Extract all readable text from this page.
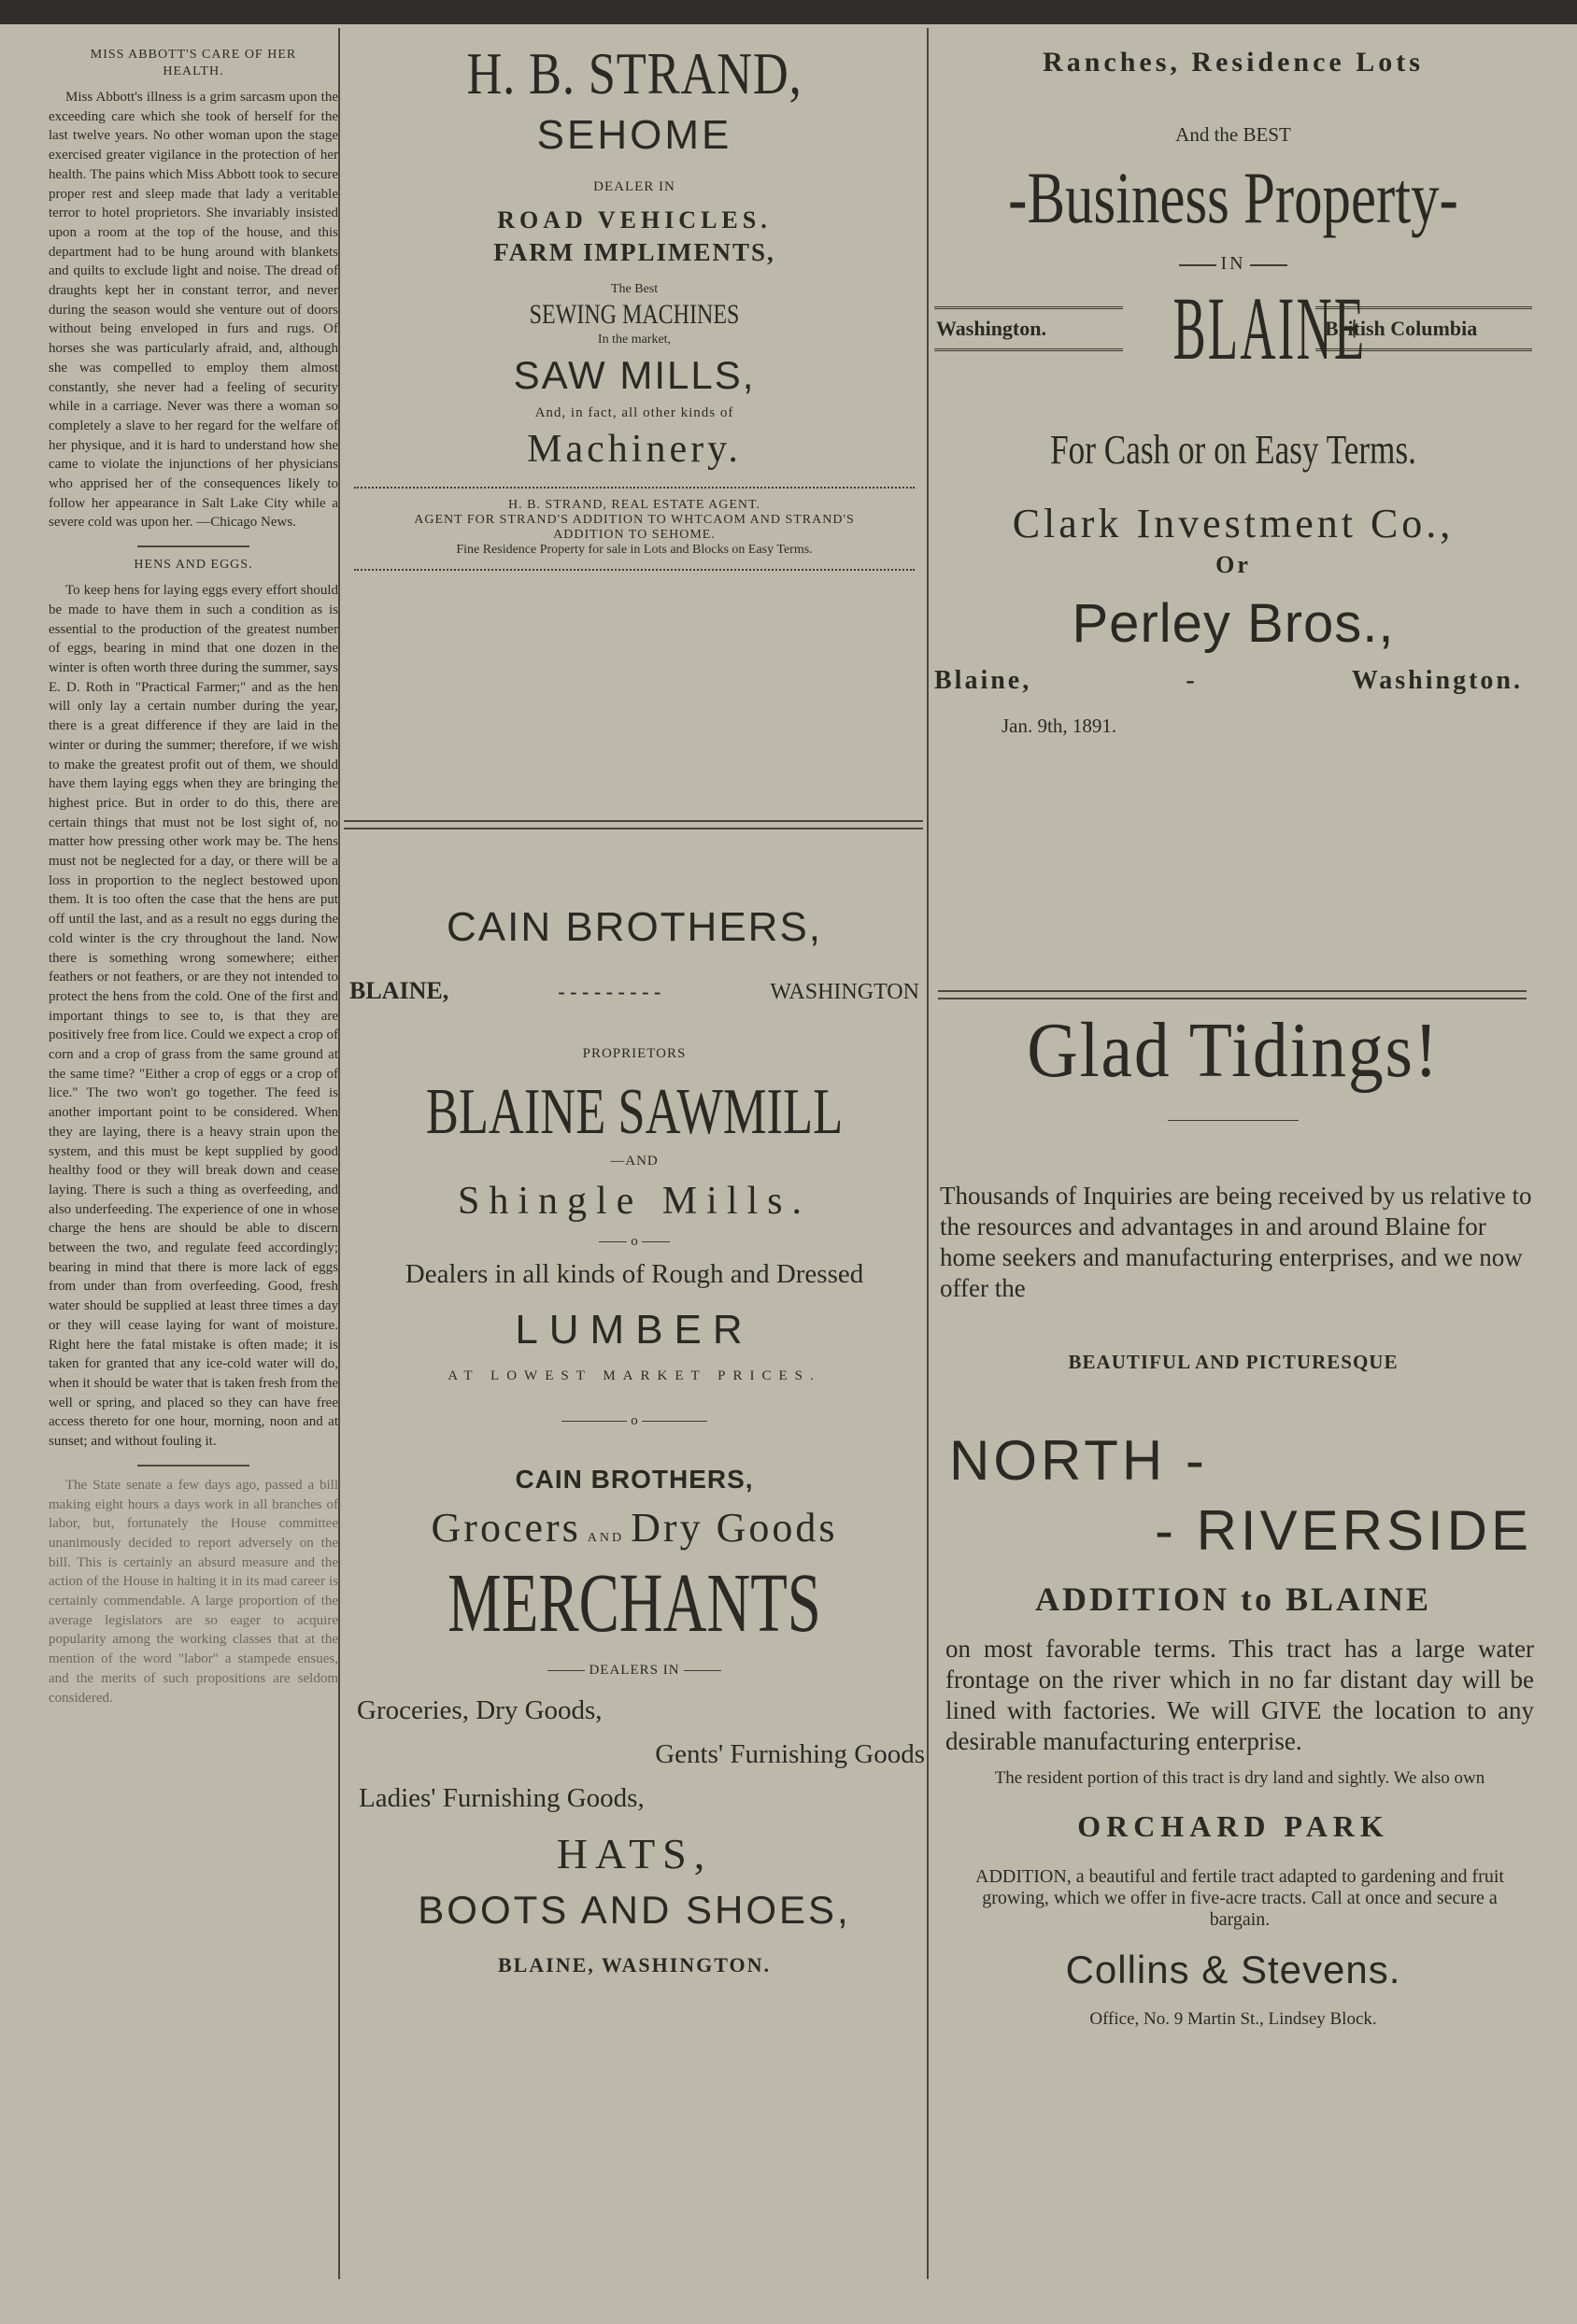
MISS ABBOTT'S CARE OF HER
HEALTH.

Miss Abbott's illness is a grim sarcasm upon the exceeding care which she took of herself for the last twelve years. No other woman upon the stage exercised greater vigilance in the protection of her health. The pains which Miss Abbott took to secure proper rest and sleep made that lady a veritable terror to hotel proprietors. She invariably insisted upon a room at the top of the house, and this department had to be hung around with blankets and quilts to exclude light and noise. The dread of draughts kept her in constant terror, and never during the season would she venture out of doors without being enveloped in furs and rugs. Of horses she was particularly afraid, and, although she was compelled to employ them almost constantly, she never had a feeling of security while in a carriage. Never was there a woman so completely a slave to her regard for the welfare of her physique, and it is hard to understand how she came to violate the injunctions of her physicians who apprised her of the consequences likely to follow her appearance in Salt Lake City while a severe cold was upon her. —Chicago News.

HENS AND EGGS.

To keep hens for laying eggs every effort should be made to have them in such a condition as is essential to the production of the greatest number of eggs, bearing in mind that one dozen in the winter is often worth three during the summer, says E. D. Roth in "Practical Farmer;" and as the hen will only lay a certain number during the year, there is a great difference if they are laid in the winter or during the summer; therefore, if we wish to make the greatest profit out of them, we should have them laying eggs when they are bringing the highest price. But in order to do this, there are certain things that must not be lost sight of, no matter how pressing other work may be. The hens must not be neglected for a day, or there will be a loss in proportion to the neglect bestowed upon them. It is too often the case that the hens are put off until the last, and as a result no eggs during the cold winter is the cry throughout the land. Now there is something wrong somewhere; either feathers or not feathers, or are they not intended to protect the hens from the cold. One of the first and important things to see to, is that they are positively free from lice. Could we expect a crop of corn and a crop of grass from the same ground at the same time? "Either a crop of eggs or a crop of lice." The two won't go together. The feed is another important point to be considered. When they are laying, there is a heavy strain upon the system, and this must be kept supplied by good healthy food or they will break down and cease laying. There is such a thing as overfeeding, and also underfeeding. The experience of one in whose charge the hens are should be able to discern between the two, and regulate feed accordingly; bearing in mind that there is more lack of eggs from under than from overfeeding. Good, fresh water should be supplied at least three times a day or they will cease laying for want of moisture. Right here the fatal mistake is often made; it is taken for granted that any ice-cold water will do, when it should be water that is taken fresh from the well or spring, and placed so they can have free access thereto for one hour, morning, noon and at sunset; and without fouling it.

The State senate a few days ago, passed a bill making eight hours a days work in all branches of labor, but, fortunately the House committee unanimously decided to report adversely on the bill. This is certainly an absurd measure and the action of the House in halting it in its mad career is certainly commendable. A large proportion of the average legislators are so eager to acquire popularity among the working classes that at the mention of the word "labor" a stampede ensues, and the merits of such propositions are seldom considered.

H. B. STRAND,
SEHOME
DEALER IN
ROAD VEHICLES.
FARM IMPLIMENTS,
The Best
SEWING MACHINES
In the market,
SAW MILLS,
And, in fact, all other kinds of
Machinery.
H. B. STRAND, REAL ESTATE AGENT.
AGENT FOR STRAND'S ADDITION TO WHTCAOM AND STRAND'S
ADDITION TO SEHOME.
Fine Residence Property for sale in Lots and Blocks on Easy Terms.
CAIN BROTHERS,
BLAINE,	- - - - - - - - -	WASHINGTON
PROPRIETORS
BLAINE SAWMILL
—AND
Shingle Mills.
o
Dealers in all kinds of Rough and Dressed
LUMBER
AT LOWEST MARKET PRICES.
o
CAIN BROTHERS,
Grocers AND Dry Goods
MERCHANTS
DEALERS IN
Groceries, Dry Goods,
Gents' Furnishing Goods
Ladies' Furnishing Goods,
HATS,
BOOTS AND SHOES,
BLAINE, WASHINGTON.
Ranches, Residence Lots
And the BEST
-Business Property-
IN
Washington.	BLAINE
British Columbia
For Cash or on Easy Terms.
Clark Investment Co.,
Or
Perley Bros.,
Blaine,	-	Washington.
Jan. 9th, 1891.
Glad Tidings!
Thousands of Inquiries are being received by us relative to the resources and advantages in and around Blaine for home seekers and manufacturing enterprises, and we now offer the
BEAUTIFUL AND PICTURESQUE
NORTH -
- RIVERSIDE
ADDITION to BLAINE
on most favorable terms. This tract has a large water frontage on the river which in no far distant day will be lined with factories. We will GIVE the location to any desirable manufacturing enterprise.
The resident portion of this tract is dry land and sightly. We also own
ORCHARD PARK
ADDITION, a beautiful and fertile tract adapted to gardening and fruit growing, which we offer in five-acre tracts. Call at once and secure a bargain.
Collins & Stevens.
Office, No. 9 Martin St., Lindsey Block.
